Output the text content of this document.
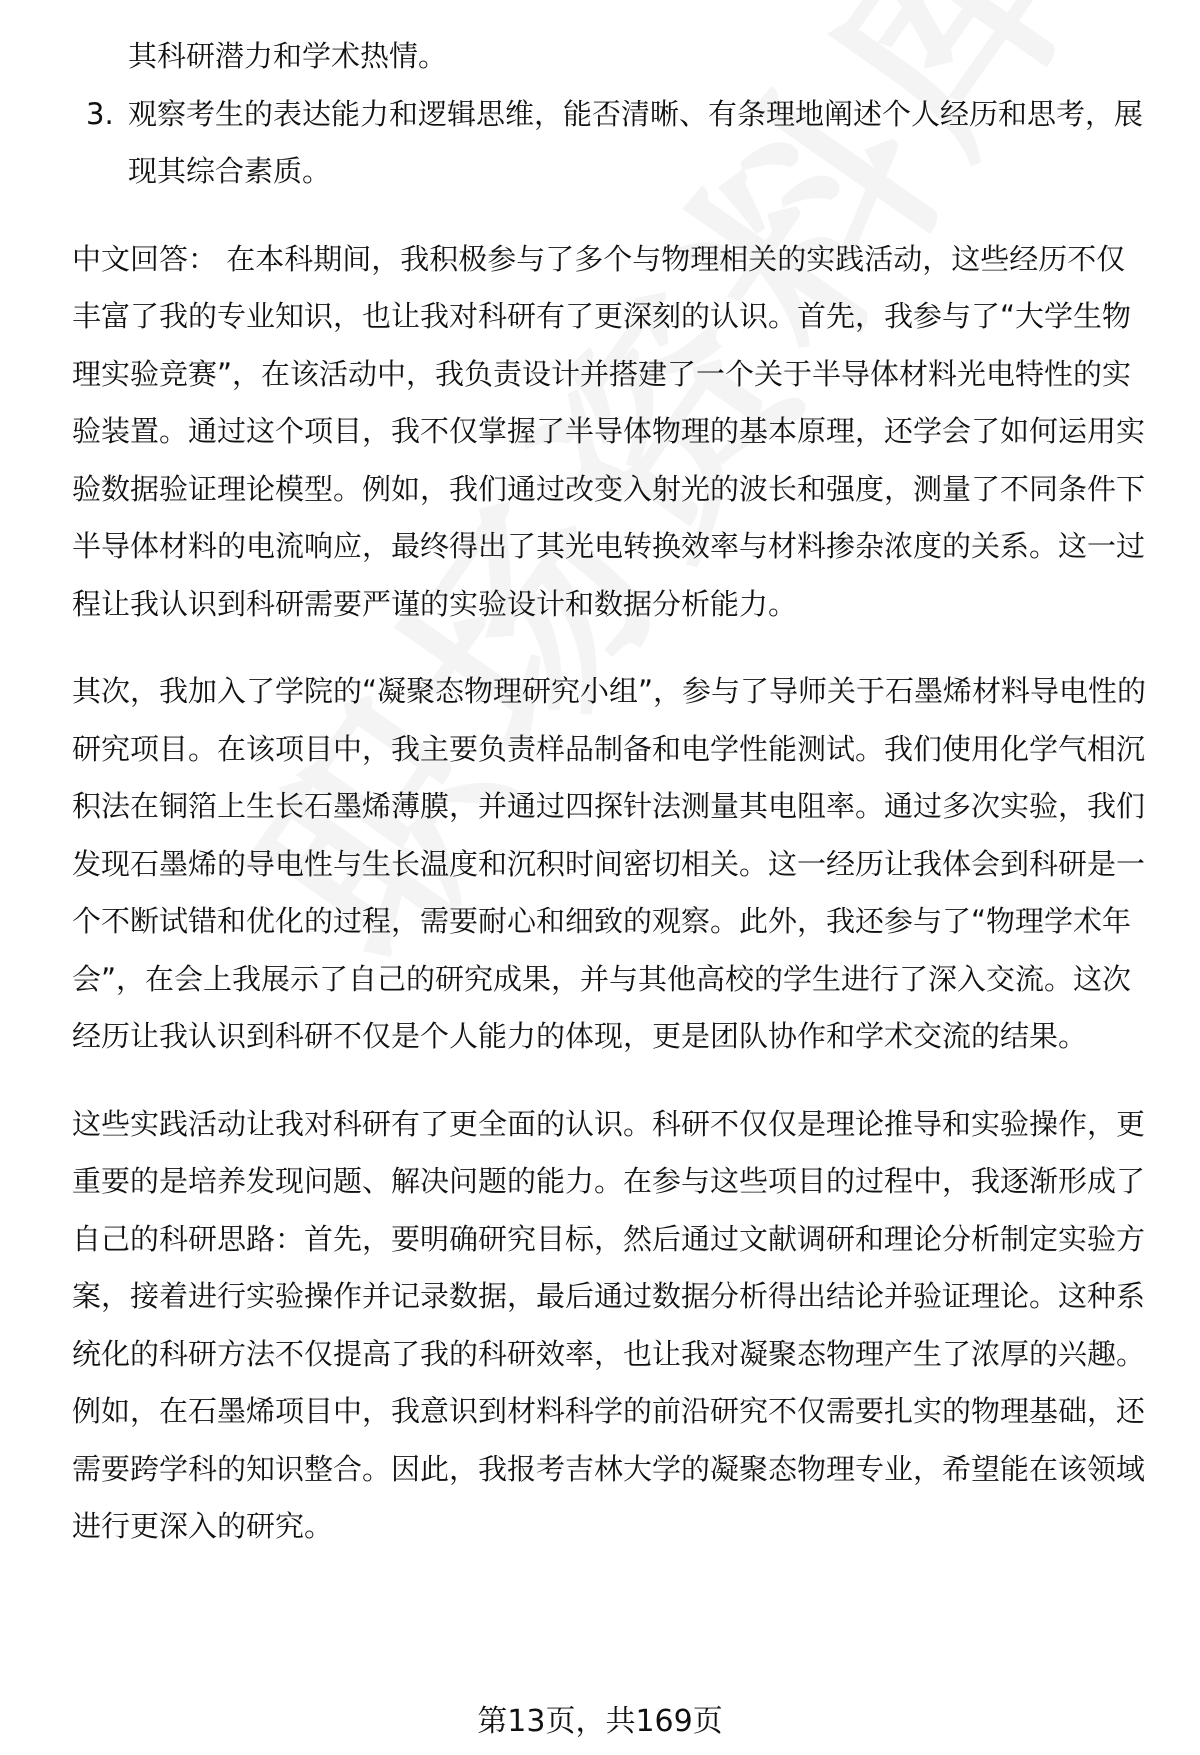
其科研潜力和学术热情。

3. 观察考生的表达能力和逻辑思维，能否清晰、有条理地阐述个人经历和思考，展现其综合素质。

中文回答： 在本科期间，我积极参与了多个与物理相关的实践活动，这些经历不仅丰富了我的专业知识，也让我对科研有了更深刻的认识。首先，我参与了“大学生物理实验竞赛”，在该活动中，我负责设计并搭建了一个关于半导体材料光电特性的实验装置。通过这个项目，我不仅掌握了半导体物理的基本原理，还学会了如何运用实验数据验证理论模型。例如，我们通过改变入射光的波长和强度，测量了不同条件下半导体材料的电流响应，最终得出了其光电转换效率与材料掺杂浓度的关系。这一过程让我认识到科研需要严谨的实验设计和数据分析能力。

其次，我加入了学院的“凝聚态物理研究小组”，参与了导师关于石墨烯材料导电性的研究项目。在该项目中，我主要负责样品制备和电学性能测试。我们使用化学气相沉积法在铜箔上生长石墨烯薄膜，并通过四探针法测量其电阻率。通过多次实验，我们发现石墨烯的导电性与生长温度和沉积时间密切相关。这一经历让我体会到科研是一个不断试错和优化的过程，需要耐心和细致的观察。此外，我还参与了“物理学术年会”，在会上我展示了自己的研究成果，并与其他高校的学生进行了深入交流。这次经历让我认识到科研不仅是个人能力的体现，更是团队协作和学术交流的结果。

这些实践活动让我对科研有了更全面的认识。科研不仅仅是理论推导和实验操作，更重要的是培养发现问题、解决问题的能力。在参与这些项目的过程中，我逐渐形成了自己的科研思路：首先，要明确研究目标，然后通过文献调研和理论分析制定实验方案，接着进行实验操作并记录数据，最后通过数据分析得出结论并验证理论。这种系统化的科研方法不仅提高了我的科研效率，也让我对凝聚态物理产生了浓厚的兴趣。例如，在石墨烯项目中，我意识到材料科学的前沿研究不仅需要扎实的物理基础，还需要跨学科的知识整合。因此，我报考吉林大学的凝聚态物理专业，希望能在该领域进行更深入的研究。

第13页，共169页
